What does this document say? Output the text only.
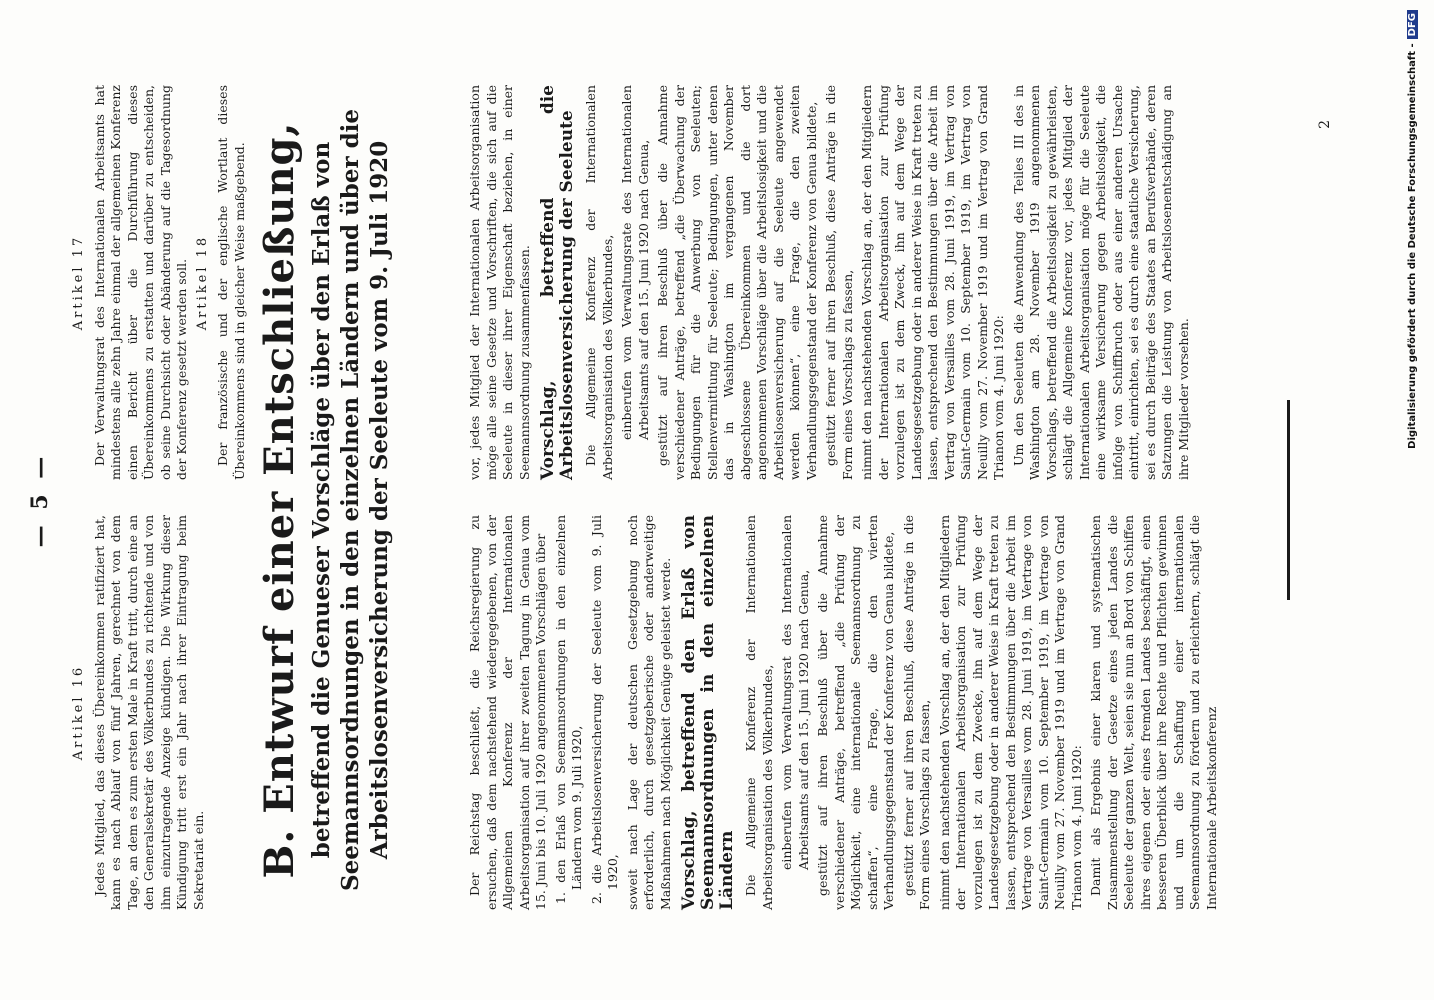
— 5 —
Artikel 16 Jedes Mitglied, das dieses Übereinkommen ratifiziert hat, kann es nach Ablauf von fünf Jahren, gerechnet von dem Tage, an dem es zum ersten Male in Kraft tritt, durch eine an den Generalsekretär des Völkerbundes zu richtende und von ihm einzutragende Anzeige kündigen. Die Wirkung dieser Kündigung tritt erst ein Jahr nach ihrer Eintragung beim Sekretariat ein.

Artikel 17 Der Verwaltungsrat des Internationalen Arbeitsamts hat mindestens alle zehn Jahre einmal der allgemeinen Konferenz einen Bericht über die Durchführung dieses Übereinkommens zu erstatten und darüber zu entscheiden, ob seine Durchsicht oder Abänderung auf die Tagesordnung der Konferenz gesetzt werden soll. Artikel 18 Der französische und der englische Wortlaut dieses Übereinkommens sind in gleicher Weise maßgebend. B. Entwurf einer Entschließung, betreffend die Genueser Vorschläge über den Erlaß von Seemannsordnungen in den einzelnen Ländern und über die Arbeitslosenversicherung der Seeleute vom 9. Juli 1920	Der Reichstag beschließt, die Reichsregierung zu ersuchen, daß dem nachstehend wiedergegebenen, von der Allgemeinen Konferenz der Internationalen Arbeitsorganisation auf ihrer zweiten Tagung in Genua vom 15. Juni bis 10. Juli 1920 angenommenen Vorschlägen über 1. den Erlaß von Seemannsordnungen in den einzelnen Ländern vom 9. Juli 1920, 2. die Arbeitslosenversicherung der Seeleute vom 9. Juli 1920, soweit nach Lage der deutschen Gesetzgebung noch erforderlich, durch gesetzgeberische oder anderweitige Maßnahmen nach Möglichkeit Genüge geleistet werde. Vorschlag, betreffend den Erlaß von Seemannsordnungen in den einzelnen Ländern Die Allgemeine Konferenz der Internationalen Arbeitsorganisation des Völkerbundes, einberufen vom Verwaltungsrat des Internationalen Arbeitsamts auf den 15. Juni 1920 nach Genua, gestützt auf ihren Beschluß über die Annahme verschiedener Anträge, betreffend „die Prüfung der Möglichkeit, eine internationale Seemannsordnung zu schaffen“, eine Frage, die den vierten Verhandlungsgegenstand der Konferenz von Genua bildete, gestützt ferner auf ihren Beschluß, diese Anträge in die Form eines Vorschlags zu fassen, nimmt den nachstehenden Vorschlag an, der den Mitgliedern der Internationalen Arbeitsorganisation zur Prüfung vorzulegen ist zu dem Zwecke, ihn auf dem Wege der Landesgesetzgebung oder in anderer Weise in Kraft treten zu lassen, entsprechend den Bestimmungen über die Arbeit im Vertrage von Versailles vom 28. Juni 1919, im Vertrage von Saint-Germain vom 10. September 1919, im Vertrage von Neuilly vom 27. November 1919 und im Vertrage von Grand Trianon vom 4. Juni 1920: Damit als Ergebnis einer klaren und systematischen Zusammenstellung der Gesetze eines jeden Landes die Seeleute der ganzen Welt, seien sie nun an Bord von Schiffen ihres eigenen oder eines fremden Landes beschäftigt, einen besseren Überblick über ihre Rechte und Pflichten gewinnen und um die Schaffung einer internationalen Seemannsordnung zu fördern und zu erleichtern, schlägt die Internationale Arbeitskonferenz

vor, jedes Mitglied der Internationalen Arbeitsorganisation möge alle seine Gesetze und Vorschriften, die sich auf die Seeleute in dieser ihrer Eigenschaft beziehen, in einer Seemannsordnung zusammenfassen. Vorschlag, betreffend die Arbeitslosenversicherung der Seeleute Die Allgemeine Konferenz der Internationalen Arbeitsorganisation des Völkerbundes, einberufen vom Verwaltungsrate des Internationalen Arbeitsamts auf den 15. Juni 1920 nach Genua, gestützt auf ihren Beschluß über die Annahme verschiedener Anträge, betreffend „die Überwachung der Bedingungen für die Anwerbung von Seeleuten; Stellenvermittlung für Seeleute; Bedingungen, unter denen das in Washington im vergangenen November abgeschlossene Übereinkommen und die dort angenommenen Vorschläge über die Arbeitslosigkeit und die Arbeitslosenversicherung auf die Seeleute angewendet werden können“, eine Frage, die den zweiten Verhandlungsgegenstand der Konferenz von Genua bildete, gestützt ferner auf ihren Beschluß, diese Anträge in die Form eines Vorschlags zu fassen, nimmt den nachstehenden Vorschlag an, der den Mitgliedern der Internationalen Arbeitsorganisation zur Prüfung vorzulegen ist zu dem Zweck, ihn auf dem Wege der Landesgesetzgebung oder in anderer Weise in Kraft treten zu lassen, entsprechend den Bestimmungen über die Arbeit im Vertrag von Versailles vom 28. Juni 1919, im Vertrag von Saint-Germain vom 10. September 1919, im Vertrag von Neuilly vom 27. November 1919 und im Vertrag von Grand Trianon vom 4. Juni 1920: Um den Seeleuten die Anwendung des Teiles III des in Washington am 28. November 1919 angenommenen Vorschlags, betreffend die Arbeitslosigkeit zu gewährleisten, schlägt die Allgemeine Konferenz vor, jedes Mitglied der Internationalen Arbeitsorganisation möge für die Seeleute eine wirksame Versicherung gegen Arbeitslosigkeit, die infolge von Schiffbruch oder aus einer anderen Ursache eintritt, einrichten, sei es durch eine staatliche Versicherung, sei es durch Beiträge des Staates an Berufsverbände, deren Satzungen die Leistung von Arbeitslosenentschädigung an ihre Mitglieder vorsehen.

2	Digitalisierung gefördert durch die Deutsche Forschungsgemeinschaft -DFG
